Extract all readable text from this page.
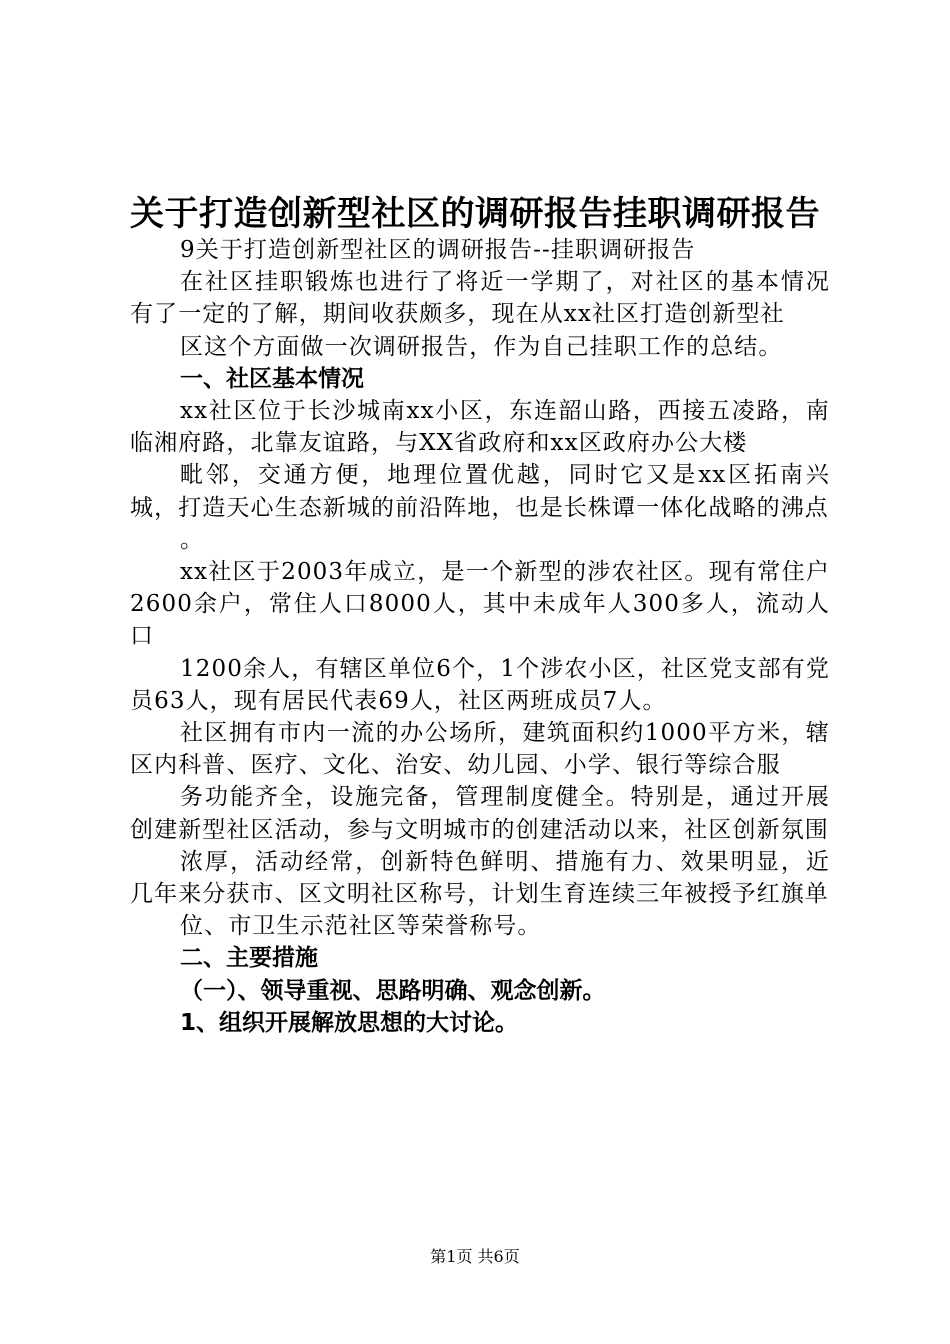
关于打造创新型社区的调研报告挂职调研报告

9关于打造创新型社区的调研报告--挂职调研报告

在社区挂职锻炼也进行了将近一学期了，对社区的基本情况有了一定的了解，期间收获颇多，现在从xx社区打造创新型社

区这个方面做一次调研报告，作为自己挂职工作的总结。

一、社区基本情况

xx社区位于长沙城南xx小区，东连韶山路，西接五凌路，南临湘府路，北靠友谊路，与XX省政府和xx区政府办公大楼

毗邻，交通方便，地理位置优越，同时它又是xx区拓南兴城，打造天心生态新城的前沿阵地，也是长株谭一体化战略的沸点

。

xx社区于2003年成立，是一个新型的涉农社区。现有常住户2600余户，常住人口8000人，其中未成年人300多人，流动人口

1200余人，有辖区单位6个，1个涉农小区，社区党支部有党员63人，现有居民代表69人，社区两班成员7人。

社区拥有市内一流的办公场所，建筑面积约1000平方米，辖区内科普、医疗、文化、治安、幼儿园、小学、银行等综合服

务功能齐全，设施完备，管理制度健全。特别是，通过开展创建新型社区活动，参与文明城市的创建活动以来，社区创新氛围

浓厚，活动经常，创新特色鲜明、措施有力、效果明显，近几年来分获市、区文明社区称号，计划生育连续三年被授予红旗单

位、市卫生示范社区等荣誉称号。

二、主要措施

（一）、领导重视、思路明确、观念创新。

1、组织开展解放思想的大讨论。

第1页 共6页
